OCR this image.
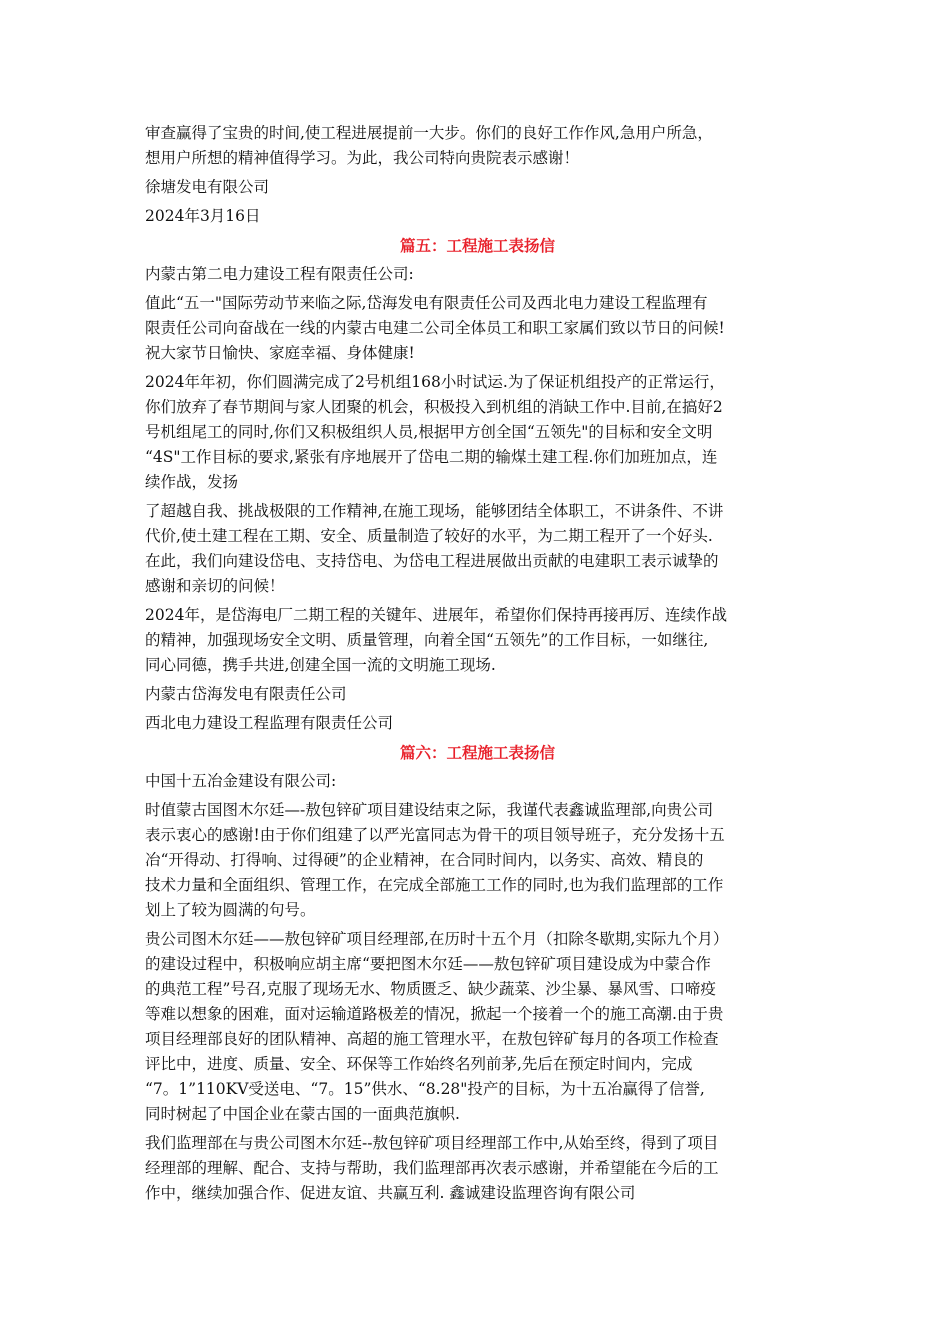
审查赢得了宝贵的时间,使工程进展提前一大步。你们的良好工作作风,急用户所急，
想用户所想的精神值得学习。为此，我公司特向贵院表示感谢！
徐塘发电有限公司
2024年3月16日
篇五：工程施工表扬信
内蒙古第二电力建设工程有限责任公司:
值此“五一"国际劳动节来临之际,岱海发电有限责任公司及西北电力建设工程监理有
限责任公司向奋战在一线的内蒙古电建二公司全体员工和职工家属们致以节日的问候!
祝大家节日愉快、家庭幸福、身体健康!
2024年年初，你们圆满完成了2号机组168小时试运.为了保证机组投产的正常运行，
你们放弃了春节期间与家人团聚的机会，积极投入到机组的消缺工作中.目前,在搞好2
号机组尾工的同时,你们又积极组织人员,根据甲方创全国“五领先"的目标和安全文明
“4S"工作目标的要求,紧张有序地展开了岱电二期的输煤土建工程.你们加班加点，连
续作战，发扬
了超越自我、挑战极限的工作精神,在施工现场，能够团结全体职工，不讲条件、不讲
代价,使土建工程在工期、安全、质量制造了较好的水平，为二期工程开了一个好头.
在此，我们向建设岱电、支持岱电、为岱电工程进展做出贡献的电建职工表示诚挚的
感谢和亲切的问候！
2024年，是岱海电厂二期工程的关键年、进展年，希望你们保持再接再厉、连续作战
的精神，加强现场安全文明、质量管理，向着全国“五领先”的工作目标，一如继往,
同心同德，携手共进,创建全国一流的文明施工现场.
内蒙古岱海发电有限责任公司
西北电力建设工程监理有限责任公司
篇六：工程施工表扬信
中国十五冶金建设有限公司:
时值蒙古国图木尔廷—-敖包锌矿项目建设结束之际，我谨代表鑫诚监理部,向贵公司
表示衷心的感谢!由于你们组建了以严光富同志为骨干的项目领导班子，充分发扬十五
冶“开得动、打得响、过得硬”的企业精神，在合同时间内，以务实、高效、精良的
技术力量和全面组织、管理工作，在完成全部施工工作的同时,也为我们监理部的工作
划上了较为圆满的句号。
贵公司图木尔廷——敖包锌矿项目经理部,在历时十五个月（扣除冬歇期,实际九个月）
的建设过程中，积极响应胡主席“要把图木尔廷——敖包锌矿项目建设成为中蒙合作
的典范工程”号召,克服了现场无水、物质匮乏、缺少蔬菜、沙尘暴、暴风雪、口啼疫
等难以想象的困难，面对运输道路极差的情况，掀起一个接着一个的施工高潮.由于贵
项目经理部良好的团队精神、高超的施工管理水平，在敖包锌矿每月的各项工作检查
评比中，进度、质量、安全、环保等工作始终名列前茅,先后在预定时间内，完成
“7。1”110KV受送电、“7。15”供水、“8.28"投产的目标，为十五冶赢得了信誉,
同时树起了中国企业在蒙古国的一面典范旗帜.
我们监理部在与贵公司图木尔廷--敖包锌矿项目经理部工作中,从始至终，得到了项目
经理部的理解、配合、支持与帮助，我们监理部再次表示感谢，并希望能在今后的工
作中，继续加强合作、促进友谊、共赢互利. 鑫诚建设监理咨询有限公司
